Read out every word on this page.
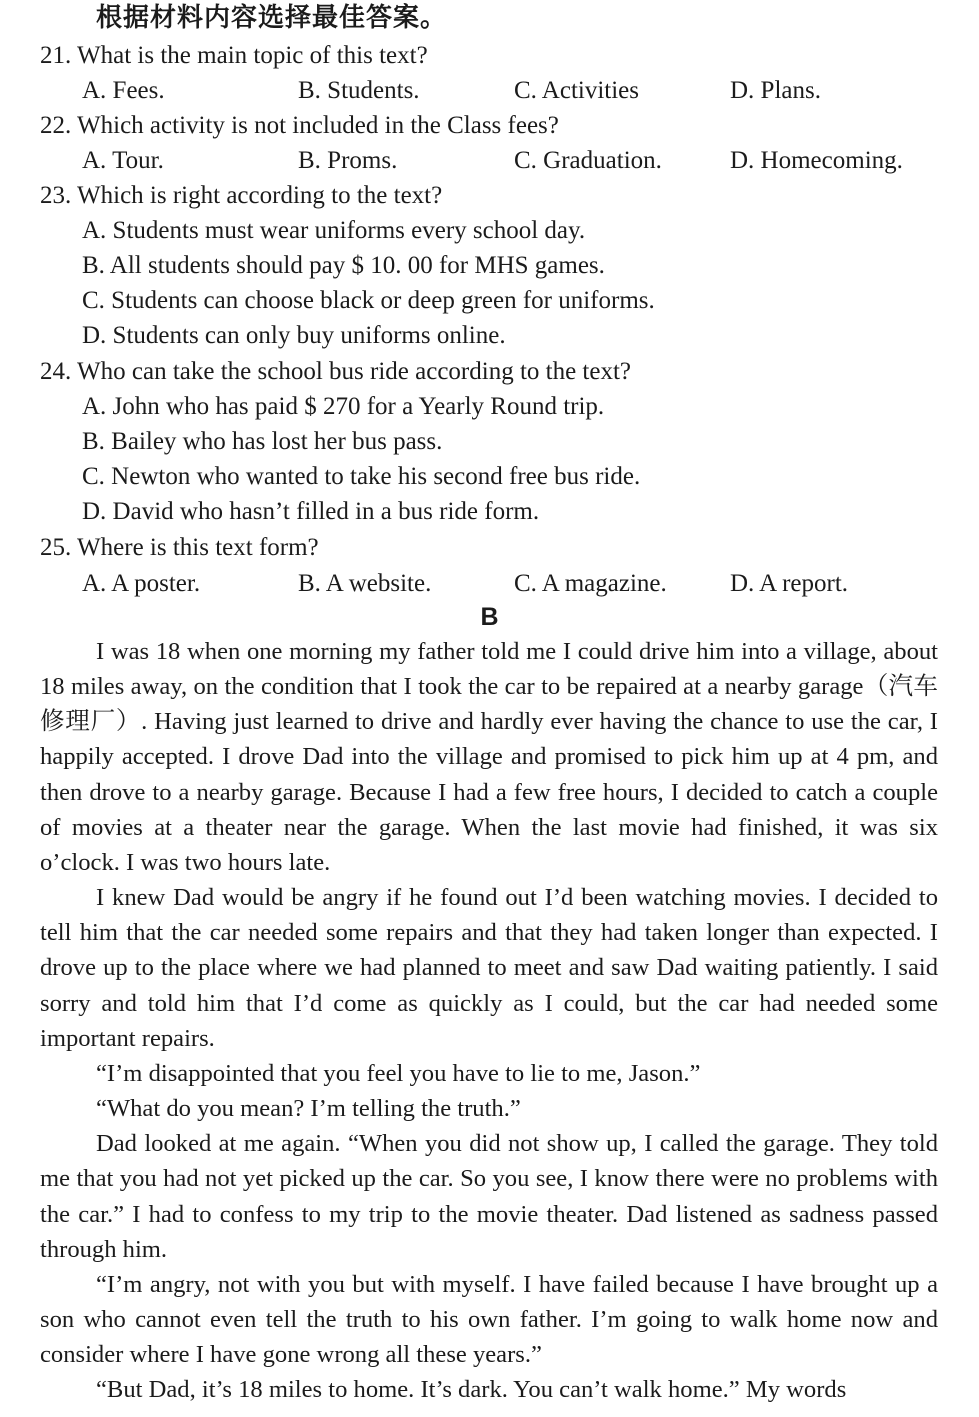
根据材料内容选择最佳答案。
21. What is the main topic of this text?
A. Fees.	B. Students.	C. Activities	D. Plans.
22. Which activity is not included in the Class fees?
A. Tour.	B. Proms.	C. Graduation.	D. Homecoming.
23. Which is right according to the text?
A. Students must wear uniforms every school day.
B. All students should pay $ 10. 00 for MHS games.
C. Students can choose black or deep green for uniforms.
D. Students can only buy uniforms online.
24. Who can take the school bus ride according to the text?
A. John who has paid $ 270 for a Yearly Round trip.
B. Bailey who has lost her bus pass.
C. Newton who wanted to take his second free bus ride.
D. David who hasn’t filled in a bus ride form.
25. Where is this text form?
A. A poster.	B. A website.	C. A magazine.	D. A report.
B

I was 18 when one morning my father told me I could drive him into a village, about 18 miles away, on the condition that I took the car to be repaired at a nearby garage（汽车修理厂）. Having just learned to drive and hardly ever having the chance to use the car, I happily accepted. I drove Dad into the village and promised to pick him up at 4 pm, and then drove to a nearby garage. Because I had a few free hours, I decided to catch a couple of movies at a theater near the garage. When the last movie had finished, it was six o’clock. I was two hours late.

I knew Dad would be angry if he found out I’d been watching movies. I decided to tell him that the car needed some repairs and that they had taken longer than expected. I drove up to the place where we had planned to meet and saw Dad waiting patiently. I said sorry and told him that I’d come as quickly as I could, but the car had needed some important repairs.

“I’m disappointed that you feel you have to lie to me, Jason.”

“What do you mean? I’m telling the truth.”

Dad looked at me again. “When you did not show up, I called the garage. They told me that you had not yet picked up the car. So you see, I know there were no problems with the car.” I had to confess to my trip to the movie theater. Dad listened as sadness passed through him.

“I’m angry, not with you but with myself. I have failed because I have brought up a son who cannot even tell the truth to his own father. I’m going to walk home now and consider where I have gone wrong all these years.”

“But Dad, it’s 18 miles to home. It’s dark. You can’t walk home.” My words
